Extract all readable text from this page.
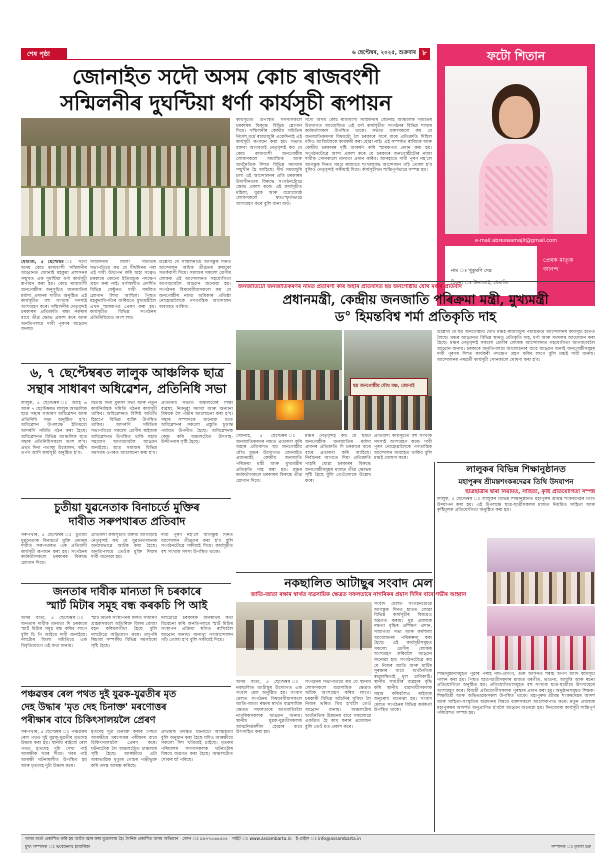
শেষ পৃষ্ঠা	৬ ছেপ্টেম্বৰ, ২০২৫, শুক্ৰবাৰ ৮
জোনাইত সদৌ অসম কোচ ৰাজবংশী
সন্মিলনীৰ দুঘন্টিয়া ধৰ্ণা কাৰ্যসূচী ৰূপায়ন
ফটো শিতান
e-mail:abreswamajit@gmail.com
নাম ঃ খুকুমণি দেৱ
ঠিকনা ঃ উনাজাই, ধেমাজি
প্ৰেৰক মাতৃক আনন্দ
ধেমাজি, ৫ ছেপ্টেম্বৰ ঃ সদৌ অসম কোচ ৰাজবংশী সন্মিলনীৰ আহ্বানত জোনাই মহকুমা প্ৰশাসনৰ সন্মুখত এক দুঘন্টিয়া ধৰ্ণা কাৰ্যসূচী ৰূপায়ন কৰা হয়। কোচ ৰাজবংশী জনগোষ্ঠীক অনুসূচিত জনজাতিৰ মৰ্যাদা প্ৰদানৰ দাবীত অনুষ্ঠিত এই কাৰ্যসূচীত বহু সংখ্যক সদস্যই অংশগ্ৰহণ কৰে। সন্মিলনীৰ নেতৃবৃন্দই চৰকাৰৰ প্ৰতিশ্ৰুতি ৰক্ষা নকৰাৰ বাবে তীব্ৰ ক্ষোভ প্ৰকাশ কৰে আৰু অনতিপলমে দাবী পূৰণৰ আহ্বান জনায়।
সন্মিলনীৰ জিলা সমিতিৰ সভাপতিয়ে কয় যে দীৰ্ঘদিনৰ পৰা এই দাবী উত্থাপন কৰি অহা সত্বেও চৰকাৰে কোনো ইতিবাচক পদক্ষেপ গ্ৰহণ কৰা নাই। ধৰ্ণাস্থলীত প্ৰদৰ্শিত বিভিন্ন ফেষ্টুনত দাবী সম্বলিত শ্লোগান লিখা আছিল। পিছত মহকুমাধিপতিৰ জৰিয়তে মুখ্যমন্ত্ৰীলৈ এখন স্মাৰকপত্ৰ প্ৰেৰণ কৰা হয়। কাৰ্যসূচীত বিভিন্ন সংগঠনৰ প্ৰতিনিধিয়েও অংশ লয়।
উল্লেখ্য যে সন্মিলনীয়ে আগন্তুক দিনত আন্দোলন অধিক তীব্ৰতৰ কৰাৰো সতৰ্কবাণী দিয়ে। সমাজৰ সকলো শ্ৰেণীৰ লোকক এই আন্দোলনত সহযোগিতা আগবঢ়াবলৈ আহ্বান জনোৱা হয়। সংগঠনৰ বিষয়ববীয়াসকলে কয় যে জনগোষ্ঠীৰ ন্যায্য অধিকাৰ প্ৰতিষ্ঠা নোহোৱালৈকে গণতান্ত্ৰিক আন্দোলন অব্যাহত থাকিব।
কাৰ্যসূচীত উপস্থিত সদস্যসকলে চৰকাৰৰ বিৰুদ্ধে বিভিন্ন শ্লোগান দিয়ে। সন্মিলনীৰ কেন্দ্ৰীয় সমিতিৰ নিৰ্দেশ মৰ্মে ৰাজ্যজুৰি একেদিনাই এই কাৰ্যসূচী ৰূপায়ন কৰা হয়। সভাত বক্তব্য আগবঢ়াই নেতৃবৃন্দই কয় যে কোচ ৰাজবংশী জনগোষ্ঠীৰ লোকসকলে সামাজিক আৰু অৰ্থনৈতিক দিশত বিভিন্ন সমস্যাৰ সন্মুখীন হৈ আহিছে। দীৰ্ঘ সময়জুৰি চলা এই আন্দোলনৰ প্ৰতি চৰকাৰৰ উদাসীনতাৰ বিৰুদ্ধে সংগঠনটোৱে ক্ষোভ প্ৰকাশ কৰে। এই কাৰ্যসূচীত মহিলা, যুৱক আৰু বয়োজ্যেষ্ঠ লোকসকলে স্বতঃস্ফূৰ্তভাৱে অংশগ্ৰহণ কৰে বুলি জনা যায়।
সদৌ অসম কোচ ৰাজবংশী সন্মিলনীৰ জোনাই আঞ্চলিক সমিতিৰ উদ্যোগত আয়োজিত এই ধৰ্ণা কাৰ্যসূচীত সংগঠনৰ বিভিন্ন শাখাৰ কৰ্মকৰ্তাসকল উপস্থিত থাকে। সভাত বক্তাসকলে কয় যে জনজাতিকৰণৰ বিষয়টো লৈ চৰকাৰে বাৰে বাৰে প্ৰতিশ্ৰুতি দিছিল যদিও আজিলৈকে কাৰ্যকৰী কৰা হোৱা নাই। এই সম্পৰ্কত ৰাজ্যিক আৰু কেন্দ্ৰীয় চৰকাৰৰ দৃষ্টি আকৰ্ষণ কৰি স্মাৰকপত্ৰ প্ৰদান কৰা হয়। সংগঠনটোৱে আশা প্ৰকাশ কৰে যে চৰকাৰে জনগোষ্ঠীটোৰ ন্যায্য দাবীক সোনকালে মান্যতা প্ৰদান কৰিব। আনহাতে দাবী পূৰণ নহ'লে আগন্তুক দিনত সমগ্ৰ ৰাজ্যতে শৃংখলাবদ্ধ আন্দোলন গঢ়ি তোলা হ'ব বুলিও নেতৃবৃন্দই সকীয়াই দিয়ে। কাৰ্যসূচীখন শান্তিপূৰ্ণভাৱে সম্পন্ন হয়।
৬, ৭ ছেপ্টেম্বৰত লালুক আঞ্চলিক ছাত্ৰ
সন্থাৰ সাধাৰণ অধিৱেশন, প্ৰতিনিধি সভা
লালুক, ৫ ছেপ্টেম্বৰ ঃ আহি ৬ আৰু ৭ ছেপ্টেম্বৰত লালুক আঞ্চলিক ছাত্ৰ সন্থাৰ সাধাৰণ অধিৱেশন আৰু প্ৰতিনিধি সভা অনুষ্ঠিত হ'ব। অধিৱেশন উপলক্ষে ইতিমধ্যে আদৰণি সমিতি গঠন কৰা হৈছে। অধিৱেশনত বিভিন্ন আঞ্চলিক ছাত্ৰ সন্থাৰ প্ৰতিনিধিসকলে অংশ ল'ব। প্ৰথম দিনা পতাকা উত্তোলন, শ্বহীদ তৰ্পণ আদি কাৰ্যসূচী অনুষ্ঠিত হ'ব।
দ্বিতীয় দিনা মুকলি সভা আৰু নতুন কাৰ্যনিৰ্বাহক সমিতি গঠনৰ কাৰ্যসূচী থাকিব। অধিৱেশনত বিশিষ্ট অতিথি হিচাপে বিভিন্ন ব্যক্তি উপস্থিত থাকিব। আদৰণি সমিতিৰ সভাপতিয়ে সকলো শ্ৰেণীৰ ৰাইজক অধিৱেশনত উপস্থিত থাকি সহায় সহযোগ আগবঢ়াবলৈ আহ্বান জনাইছে। ছাত্ৰ সমাজৰ বিভিন্ন সমস্যাৰ ওপৰত আলোচনা কৰা হ'ব।
প্ৰতিনিধি সভাত অঞ্চলটোৰ শিক্ষা ব্যৱস্থা, নিবনুৱা সমস্যা আৰু অন্যান্য বিষয়ক লৈ গভীৰ আলোচনা কৰা হ'ব। সন্থাৰ সম্পাদকে জনোৱা মতে অধিৱেশনৰ সকলো প্ৰস্তুতি চূড়ান্ত পৰ্যায়ত উপনীত হৈছে। অধিৱেশনক কেন্দ্ৰ কৰি অঞ্চলটোত উৎসাহ-উদ্দীপনাৰ সৃষ্টি হৈছে।
চুতীয়া যুৱনেতাক বিনাচৰ্তে মুক্তিৰ
দাবীত সৰুপথাৰত প্ৰতিবাদ
সৰুপথাৰ, ৫ ছেপ্টেম্বৰ ঃ চুতীয়া যুৱনেতাক বিনাচৰ্তে মুক্তি প্ৰদানৰ দাবীত সৰুপথাৰত এক প্ৰতিবাদী কাৰ্যসূচী ৰূপায়ন কৰা হয়। সংগঠনৰ কৰ্মকৰ্তাসকলে চৰকাৰৰ বিৰুদ্ধে শ্লোগান দিয়ে।
প্ৰতিবাদী কাৰ্যসূচীত বক্তব্য আগবঢ়াই নেতৃবৃন্দই কয় যে যুৱনেতাজনক অন্যায়ভাৱে আটক কৰা হৈছে। অনতিপলমে তেওঁক মুক্তি দিয়াৰ দাবী জনোৱা হয়।
দাবী পূৰণ নহ'লে আগন্তুক দিনত আন্দোলন তীব্ৰতৰ কৰা হ'ব বুলি সংগঠনটোৱে সকীয়াই দিয়ে। কাৰ্যসূচীত বহু সংখ্যক সদস্য উপস্থিত থাকে।
জনতাৰ দাবীক মান্যতা দি চৰকাৰে
স্মাৰ্ট মিটাৰ সমূহ বন্ধ কৰকচি পি আই
অসম বাৰ্তা, ৫ ছেপ্টেম্বৰ ঃ জনতাৰ দাবীক মান্যতা দি চৰকাৰে স্মাৰ্ট মিটাৰ সমূহ বন্ধ কৰিব লাগে বুলি চি পি আইয়ে দাবী জনাইছে। দলটোৰ জিলা সমিতিয়ে এক বিবৃতিযোগে এই কথা জনায়।
স্মাৰ্ট মিটাৰ সংস্থাপনৰ ফলত সাধাৰণ গ্ৰাহকসকলে অতিৰিক্ত বিলৰ বোজা বহন কৰিবলগীয়া হৈছে বুলি দলটোৱে অভিযোগ কৰে। তদুপৰি ৰিচাৰ্জ সম্পৰ্কীয় বিভিন্ন সমস্যাৰো সৃষ্টি হৈছে।
দলটোৱে চৰকাৰক জনস্বাৰ্থৰ কথা বিবেচনা কৰি অনতিপলমে স্মাৰ্ট মিটাৰ সংস্থাপন প্ৰক্ৰিয়া স্থগিত ৰাখিবলৈ আহ্বান জনায়। অন্যথা গণআন্দোলন গঢ়ি তোলা হ'ব বুলি সকীয়াই দিয়ে।
পঞ্চৱত্তৰ ৰেল পথত দুই যুৱক-যুৱতীৰ মৃত
দেহ উদ্ধাৰ 'মৃত দেহ চিনাক্ত' মৰণোত্তৰ
পৰীক্ষাৰ বাবে চিকিৎসালয়লৈ প্ৰেৰণ
সৰুপথাৰ, ৫ ছেপ্টেম্বৰ ঃ পঞ্চৱত্তৰ ৰেল পথত দুই যুৱক-যুৱতীৰ মৃতদেহ উদ্ধাৰ কৰা হয়। স্থানীয় ৰাইজে ৰেল পথত মৃতদেহ দুটা দেখা পাই আৰক্ষীক খবৰ দিয়ে। খবৰ পাই আৰক্ষী ঘটনাস্থলীত উপস্থিত হয় আৰু মৃতদেহ দুটা উদ্ধাৰ কৰে।
মৃতদেহ দুটা চিনাক্ত কৰাৰ পিছত আৰক্ষীয়ে মৰণোত্তৰ পৰীক্ষাৰ বাবে চিকিৎসালয়লৈ প্ৰেৰণ কৰে। ঘটনাটোক লৈ অঞ্চলটোত চাঞ্চল্যৰ সৃষ্টি হৈছে। আৰক্ষীয়ে এটা অস্বাভাৱিক মৃত্যুৰ গোচৰ পঞ্জীভুক্ত কৰি তদন্ত আৰম্ভ কৰিছে।
প্ৰাথমিক তদন্তত ঘটনাটো আত্মহত্যা বুলি অনুমান কৰা হৈছে যদিও আৰক্ষীয়ে সকলো দিশ খতিয়াই চাইছে। মৃতকৰ পৰিয়ালৰ সদস্যসকলক ঘটনাটোৰ বিষয়ে অৱগত কৰা হৈছে। অঞ্চলটোত শোকৰ ছাঁ পৰিছে।
জনজাতিটো জনজাতিকৰণৰ নামত প্ৰতাৰণা কৰি অহাৰ প্ৰতিবাদত ছয় জনগোষ্ঠীয় যৌথ মঞ্চৰ প্ৰতিবাদ
প্ৰধানমন্ত্ৰী, কেন্দ্ৰীয় জনজাতি পৰিক্ৰমা মন্ত্ৰী, মুখ্যমন্ত্ৰী
ড° হিমন্তবিশ্ব শৰ্মা প্ৰতিকৃতি দাহ
ছয় জনগোষ্ঠীয় যৌথ মঞ্চ, জোনাই
জোনাই, ৫ ছেপ্টেম্বৰ ঃ জনজাতিকৰণৰ নামত প্ৰতাৰণা কৰি অহাৰ প্ৰতিবাদত ছয় জনগোষ্ঠীয় যৌথ মঞ্চৰ উদ্যোগত জোনাইত প্ৰধানমন্ত্ৰী, কেন্দ্ৰীয় জনজাতি পৰিক্ৰমা মন্ত্ৰী আৰু মুখ্যমন্ত্ৰীৰ প্ৰতিকৃতি দাহ কৰা হয়। মঞ্চৰ কৰ্মকৰ্তাসকলে চৰকাৰৰ বিৰুদ্ধে তীব্ৰ শ্লোগান দিয়ে।
মঞ্চৰ নেতৃবৃন্দই কয় যে ছয়টা জনগোষ্ঠীক জনজাতিৰ মৰ্যাদা প্ৰদানৰ প্ৰতিশ্ৰুতি দি চৰকাৰে বাৰে বাৰে প্ৰতাৰণা কৰি আহিছে। নিৰ্বাচনৰ আগতে দিয়া প্ৰতিশ্ৰুতি পাহৰি যোৱা চৰকাৰৰ বিৰুদ্ধে জনগোষ্ঠীসমূহৰ মাজত তীব্ৰ ক্ষোভৰ সৃষ্টি হৈছে বুলি তেওঁলোকে উল্লেখ কৰে।
প্ৰতিবাদী কাৰ্যসূচীত বহু সংখ্যক সদস্যই অংশগ্ৰহণ কৰে। দাবী পূৰণ নোহোৱালৈকে গণতান্ত্ৰিক আন্দোলন অব্যাহত থাকিব বুলি মঞ্চই ঘোষণা কৰে।
উল্লেখ্য যে ছয় জনগোষ্ঠীয় যৌথ মঞ্চই ৰাজ্যজুৰি পৰ্যায়ক্ৰমে আন্দোলনৰ কাৰ্যসূচী হাতত লৈছে। মঞ্চৰ আহ্বানত বিভিন্ন স্থানত প্ৰতিকৃতি দাহ, ধৰ্ণা আৰু সমদলৰ আয়োজন কৰা হৈছে। মঞ্চৰ নেতৃবৃন্দই সকলো শ্ৰেণীৰ লোকক আন্দোলনত সহযোগিতা আগবঢ়াবলৈ আহ্বান জনায়। চৰকাৰে অনতিপলমে আলোচনাৰ বাবে আহ্বান জনাই জনগোষ্ঠীসমূহৰ দাবী পূৰণৰ দিশত কাৰ্যকৰী পদক্ষেপ গ্ৰহণ কৰিব লাগে বুলি মঞ্চই দাবী জনায়। আন্দোলনৰ পৰৱৰ্তী কাৰ্যসূচী সোনকালে ঘোষণা কৰা হ'ব।
লালুকৰ বিভিন্ন শিক্ষানুষ্ঠানত
মহাপুৰুষ শ্ৰীমন্তশংকৰদেৱৰ তিথি উদযাপন
ছাত্ৰছাত্ৰীৰ দ্বাৰা নিয়মিত, সাহিত্য, কৃষ্টি প্ৰতিযোগিতা সম্পন্ন
লালুক, ৫ ছেপ্টেম্বৰ ঃ লালুকৰ বিভিন্ন শিক্ষানুষ্ঠানত মহাপুৰুষ শ্ৰীমন্ত শংকৰদেৱৰ তিথি উদযাপন কৰা হয়। এই উপলক্ষে ছাত্ৰ-ছাত্ৰীসকলৰ মাজত নিয়মিত সাহিত্য আৰু কৃষ্টিমূলক প্ৰতিযোগিতা অনুষ্ঠিত কৰা হয়।
শিক্ষানুষ্ঠানসমূহত পুৱাৰ পৰাই নাম-প্ৰসংগ, গুৰু আসনত শৰাই অৰ্পণ আদি কাৰ্যসূচী পালন কৰা হয়। পিছত ছাত্ৰ-ছাত্ৰীসকলৰ মাজত বৰগীত, ভাওনা, আবৃত্তি আৰু ৰচনা প্ৰতিযোগিতা অনুষ্ঠিত হয়। প্ৰতিযোগিতাসমূহত বহু সংখ্যক ছাত্ৰ-ছাত্ৰীয়ে উৎসাহেৰে অংশগ্ৰহণ কৰে। বিজয়ী প্ৰতিযোগীসকলক পুৰস্কাৰ প্ৰদান কৰা হয়। অনুষ্ঠানসমূহত শিক্ষক-শিক্ষয়িত্ৰী আৰু অভিভাৱকসকল উপস্থিত থাকে। মহাপুৰুষ শ্ৰীমন্ত শংকৰদেৱৰ আদৰ্শ আৰু সাহিত্য-সংস্কৃতিৰ অৱদানৰ বিষয়ে বক্তাসকলে আলোকপাত কৰে। নতুন প্ৰজন্মক মহাপুৰুষৰ আদৰ্শত অনুপ্ৰাণিত হ'বলৈ আহ্বান জনোৱা হয়। দিনজোৰা কাৰ্যসূচী শান্তিপূৰ্ণ পৰিবেশত সম্পন্ন হয়।
নকছালিত আটাছুৰ সংবাদ মেল
জাতি-জাতা ৰক্ষাৰ স্বাৰ্থত ব্যৱসায়িক ক্ষেত্ৰত সফলতাৰে নাগৰিকৰ প্ৰয়াস দিদিৰ বাবে গভীৰ আহ্বান
অসম বাৰ্তা, ৫ ছেপ্টেম্বৰ ঃ নকছালিত আটাছুৰ উদ্যোগত এক সংবাদ মেল অনুষ্ঠিত হয়। সংবাদ মেলত সংগঠনৰ বিষয়ববীয়াসকলে জাতি-জাতা ৰক্ষাৰ স্বাৰ্থত ব্যৱসায়িক ক্ষেত্ৰত সফলতাৰে আগবাঢ়িবলৈ নাগৰিকসকলক আহ্বান জনায়। স্থানীয় যুৱক-যুৱতীসকলক আত্মনিৰ্ভৰশীল হোৱাৰ বাবে উৎসাহিত কৰা হয়।
সংগঠনৰ সভাপতিয়ে কয় যে স্থানীয় লোকসকলে ব্যৱসায়িক ক্ষেত্ৰত অধিক অংশগ্ৰহণ কৰিব লাগে। চৰকাৰী বিভিন্ন আঁচনিৰ সুবিধা লৈ নিজৰ ভৰিত থিয় হ'বলৈ তেওঁ আহ্বান জনায়। অঞ্চলটোৰ অৰ্থনৈতিক উন্নয়নৰ বাবে সকলোৱে একত্ৰিত হৈ কাম কৰাৰ প্ৰয়োজন বুলি তেওঁ মত প্ৰকাশ কৰে।
সংবাদ মেলত সংগঠনটোৱে আগন্তুক দিনত হাতত লোৱা বিভিন্ন কাৰ্যসূচীৰ বিষয়েও অৱগত কৰায়। যুৱ প্ৰজন্মক দক্ষতা বৃদ্ধিৰ প্ৰশিক্ষণ প্ৰদান, সজাগতা সভা আৰু কৰ্মশালা আয়োজনৰ পৰিকল্পনা কৰা হৈছে। এই কাৰ্যসূচীসমূহত সকলো শ্ৰেণীৰ লোকক অংশগ্ৰহণ কৰিবলৈ আহ্বান জনোৱা হয়। সংগঠনটোৱে কয় যে নিজৰ জাতি আৰু মাটিৰ সুৰক্ষাৰ বাবে অৰ্থনৈতিক স্বাৱলম্বিতাই মূল চাবিকাঠি। স্থানীয় সামগ্ৰীৰ ব্যৱহাৰ বৃদ্ধি কৰি স্থানীয় ব্যৱসায়ীসকলক সহায় কৰিবলৈও ৰাইজক অনুৰোধ জনোৱা হয়। সংবাদ মেলত সংগঠনৰ বিভিন্ন কৰ্মকৰ্তা উপস্থিত থাকে।
অসম বাৰ্তা প্ৰকাশিত কৰি হয় আসৈ জ্বাৰ কৰা মুদ্ৰণালয় হৈ। দৈনিক প্ৰকাশিত অসম অভিযান ফোন ঃ ৯৯৭৭৫৬৬৫৫৫ সাইট ঃ www.assambarta.in ই-মেইল ঃ info@assambarta.in
মুখ্য সম্পাদক ঃ ভবেন্দ্ৰনাথ হাজৰিকা	সম্পাদক ঃ মৃণাল চক্ৰ
